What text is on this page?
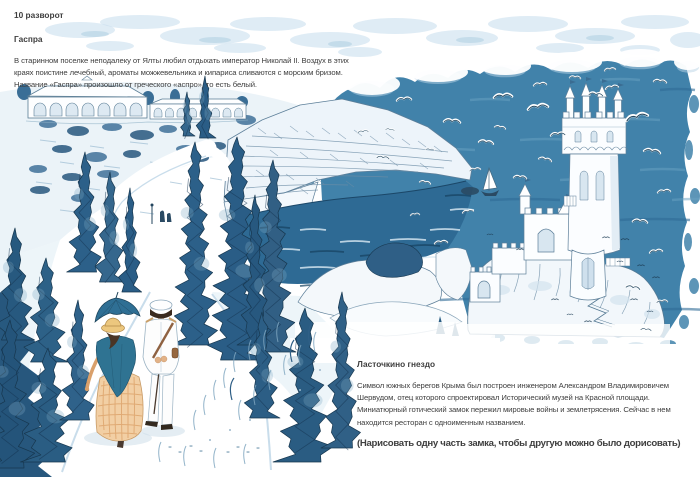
10 разворот
Гаспра
В старинном поселке неподалеку от Ялты любил отдыхать император Николай II. Воздух в этих
краях поистине лечебный, ароматы можжевельника и кипариса сливаются с морским бризом.
Название «Гаспра» произошло от греческого «аспро», то есть белый.
Ласточкино гнездо
Символ южных берегов Крыма был построен инженером Александром Владимировичем
Шервудом, отец которого спроектировал Исторический музей на Красной площади.
Миниатюрный готический замок пережил мировые войны и землетрясения. Сейчас в нем
находится ресторан с одноименным названием.
(Нарисовать одну часть замка, чтобы другую можно было дорисовать)
